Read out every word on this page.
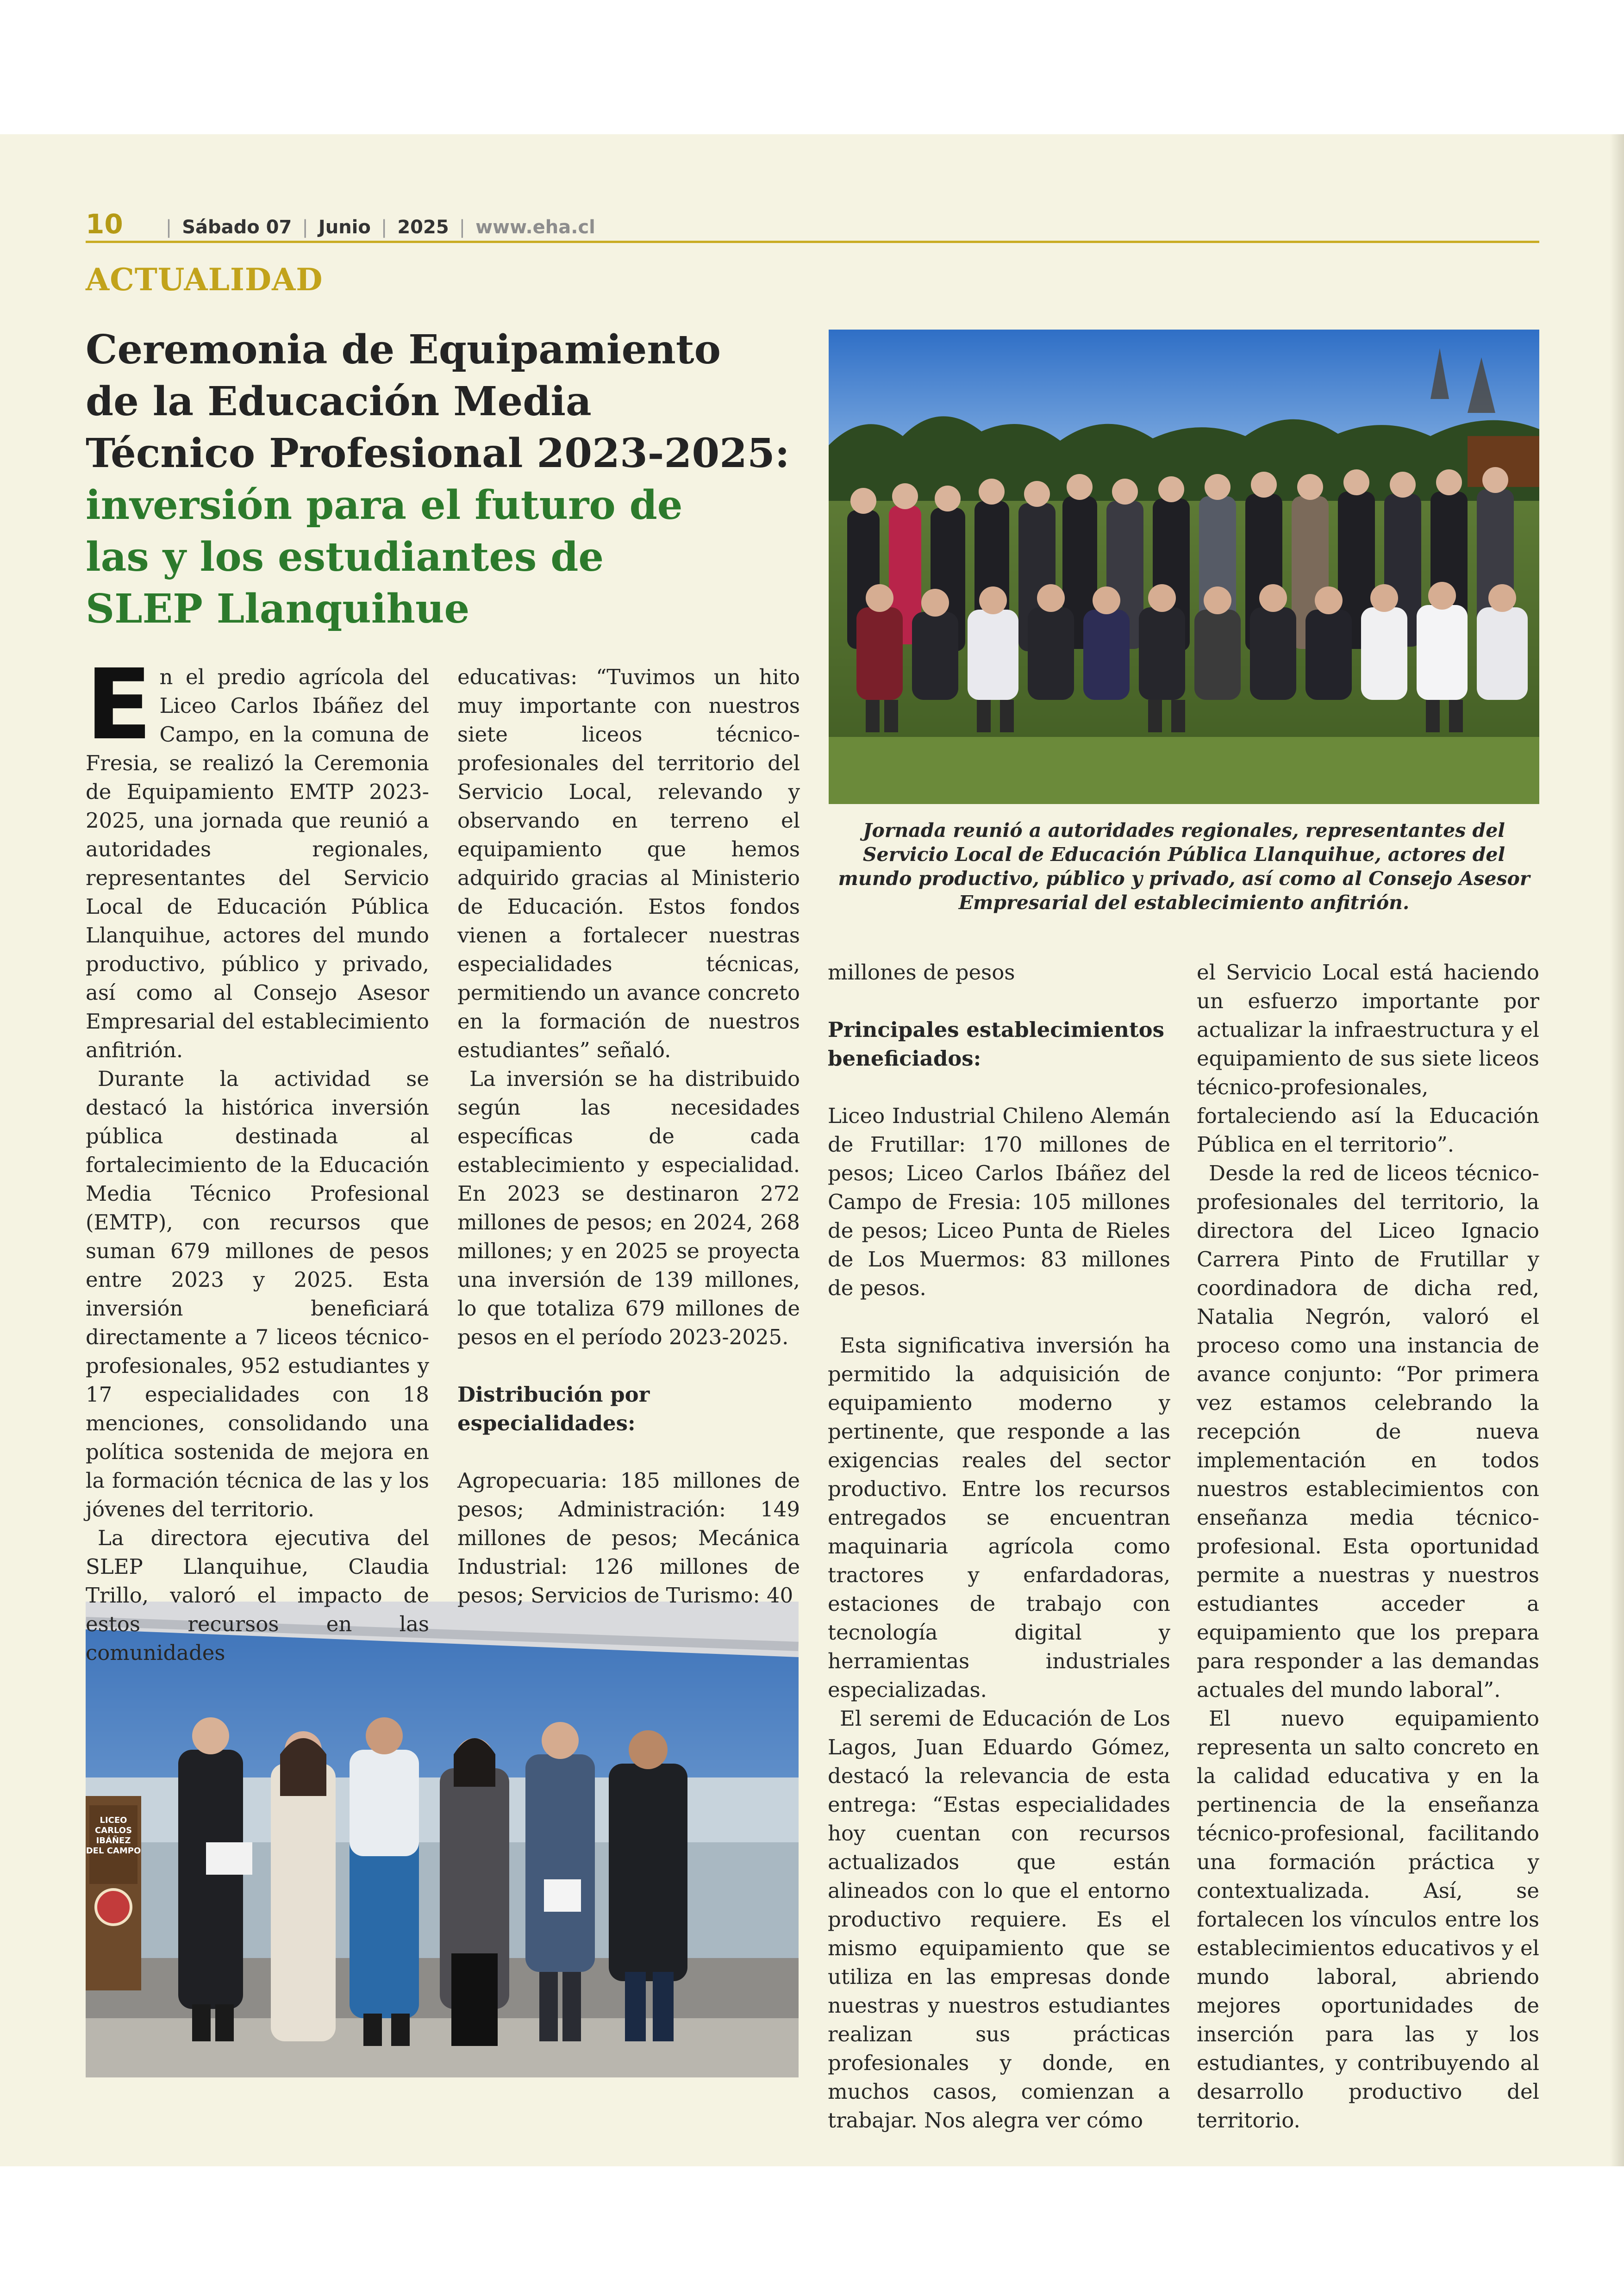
10 | Sábado 07 | Junio | 2025 | www.eha.cl
ACTUALIDAD
Ceremonia de Equipamiento
de la Educación Media
Técnico Profesional 2023-2025:
inversión para el futuro de
las y los estudiantes de
SLEP Llanquihue

Jornada reunió a autoridades regionales, representantes del Servicio Local de Educación Pública Llanquihue, actores del mundo productivo, público y privado, así como al Consejo Asesor Empresarial del establecimiento anfitrión.

LICEO CARLOS IBÁÑEZ DEL CAMPO
E n el predio agrícola del Liceo Carlos Ibáñez del Campo, en la comuna de Fresia, se realizó la Ceremonia de Equipamiento EMTP 2023-2025, una jornada que reunió a autoridades regionales, representantes del Servicio Local de Educación Pública Llanquihue, actores del mundo productivo, público y privado, así como al Consejo Asesor Empresarial del establecimiento anfitrión.

Durante la actividad se destacó la histórica inversión pública destinada al fortalecimiento de la Educación Media Técnico Profesional (EMTP), con recursos que suman 679 millones de pesos entre 2023 y 2025. Esta inversión beneficiará directamente a 7 liceos técnico-profesionales, 952 estudiantes y 17 especialidades con 18 menciones, consolidando una política sostenida de mejora en la formación técnica de las y los jóvenes del territorio.

La directora ejecutiva del SLEP Llanquihue, Claudia Trillo, valoró el impacto de estos recursos en las comunidades

educativas: “Tuvimos un hito muy importante con nuestros siete liceos técnico-profesionales del territorio del Servicio Local, relevando y observando en terreno el equipamiento que hemos adquirido gracias al Ministerio de Educación. Estos fondos vienen a fortalecer nuestras especialidades técnicas, permitiendo un avance concreto en la formación de nuestros estudiantes” señaló.

La inversión se ha distribuido según las necesidades específicas de cada establecimiento y especialidad. En 2023 se destinaron 272 millones de pesos; en 2024, 268 millones; y en 2025 se proyecta una inversión de 139 millones, lo que totaliza 679 millones de pesos en el período 2023-2025.

Distribución por especialidades:

Agropecuaria: 185 millones de pesos; Administración: 149 millones de pesos; Mecánica Industrial: 126 millones de pesos; Servicios de Turismo: 40

millones de pesos

Principales establecimientos beneficiados:

Liceo Industrial Chileno Alemán de Frutillar: 170 millones de pesos; Liceo Carlos Ibáñez del Campo de Fresia: 105 millones de pesos; Liceo Punta de Rieles de Los Muermos: 83 millones de pesos.

Esta significativa inversión ha permitido la adquisición de equipamiento moderno y pertinente, que responde a las exigencias reales del sector productivo. Entre los recursos entregados se encuentran maquinaria agrícola como tractores y enfardadoras, estaciones de trabajo con tecnología digital y herramientas industriales especializadas.

El seremi de Educación de Los Lagos, Juan Eduardo Gómez, destacó la relevancia de esta entrega: “Estas especialidades hoy cuentan con recursos actualizados que están alineados con lo que el entorno productivo requiere. Es el mismo equipamiento que se utiliza en las empresas donde nuestras y nuestros estudiantes realizan sus prácticas profesionales y donde, en muchos casos, comienzan a trabajar. Nos alegra ver cómo

el Servicio Local está haciendo un esfuerzo importante por actualizar la infraestructura y el equipamiento de sus siete liceos técnico-profesionales, fortaleciendo así la Educación Pública en el territorio”.

Desde la red de liceos técnico-profesionales del territorio, la directora del Liceo Ignacio Carrera Pinto de Frutillar y coordinadora de dicha red, Natalia Negrón, valoró el proceso como una instancia de avance conjunto: “Por primera vez estamos celebrando la recepción de nueva implementación en todos nuestros establecimientos con enseñanza media técnico-profesional. Esta oportunidad permite a nuestras y nuestros estudiantes acceder a equipamiento que los prepara para responder a las demandas actuales del mundo laboral”.

El nuevo equipamiento representa un salto concreto en la calidad educativa y en la pertinencia de la enseñanza técnico-profesional, facilitando una formación práctica y contextualizada. Así, se fortalecen los vínculos entre los establecimientos educativos y el mundo laboral, abriendo mejores oportunidades de inserción para las y los estudiantes, y contribuyendo al desarrollo productivo del territorio.
